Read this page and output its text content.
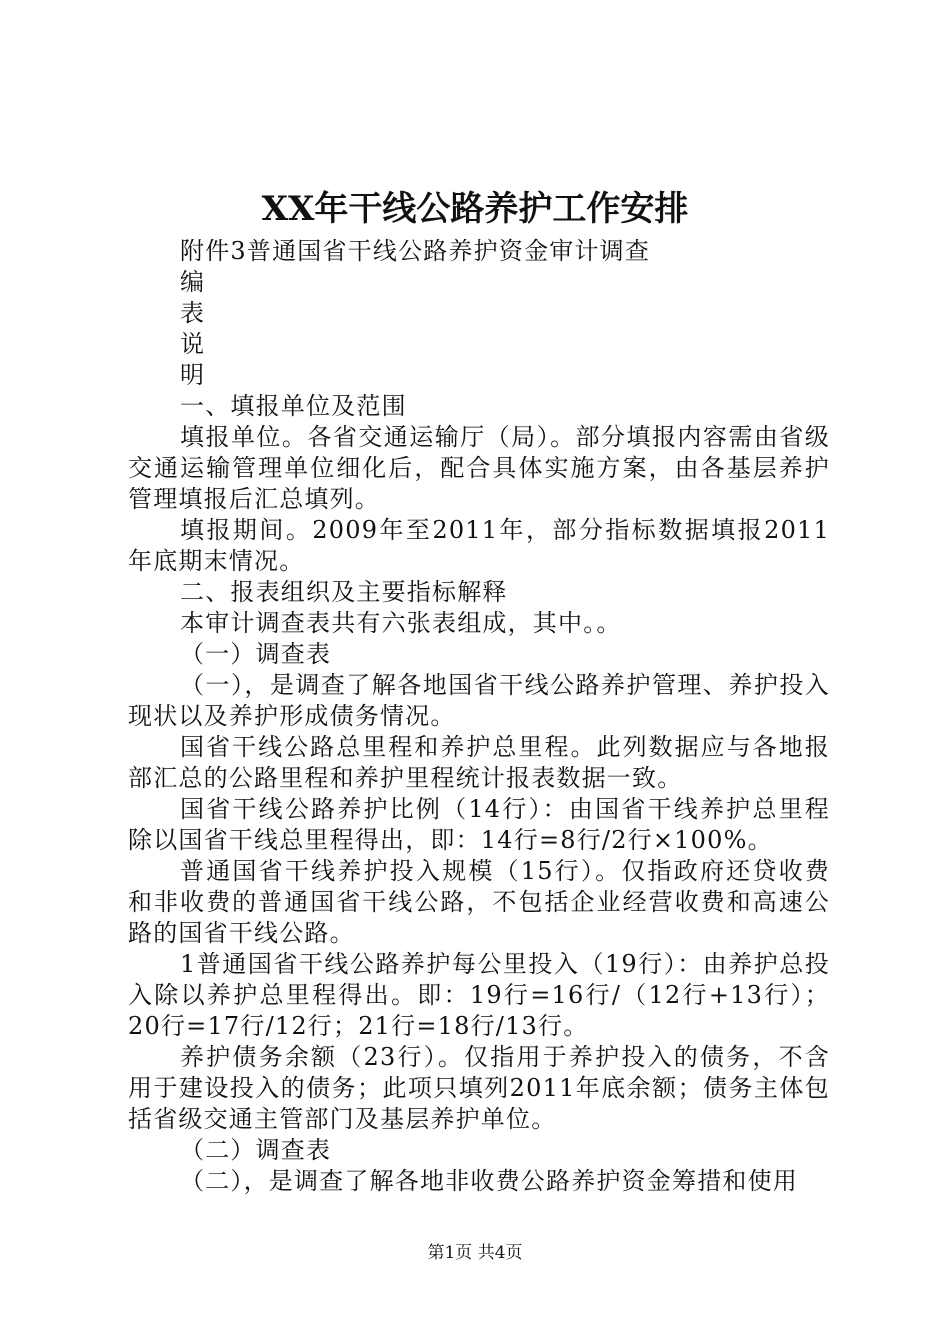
XX年干线公路养护工作安排

附件3普通国省干线公路养护资金审计调查

编

表

说

明

一、填报单位及范围

填报单位。各省交通运输厅（局）。部分填报内容需由省级交通运输管理单位细化后，配合具体实施方案，由各基层养护管理填报后汇总填列。

填报期间。2009年至2011年，部分指标数据填报2011年底期末情况。

二、报表组织及主要指标解释

本审计调查表共有六张表组成，其中。。

（一）调查表

（一），是调查了解各地国省干线公路养护管理、养护投入现状以及养护形成债务情况。

国省干线公路总里程和养护总里程。此列数据应与各地报部汇总的公路里程和养护里程统计报表数据一致。

国省干线公路养护比例（14行）：由国省干线养护总里程除以国省干线总里程得出，即：14行=8行/2行×100%。

普通国省干线养护投入规模（15行）。仅指政府还贷收费和非收费的普通国省干线公路，不包括企业经营收费和高速公路的国省干线公路。

1普通国省干线公路养护每公里投入（19行）：由养护总投入除以养护总里程得出。即：19行=16行/（12行+13行）；20行=17行/12行；21行=18行/13行。

养护债务余额（23行）。仅指用于养护投入的债务，不含用于建设投入的债务；此项只填列2011年底余额；债务主体包括省级交通主管部门及基层养护单位。

（二）调查表

（二），是调查了解各地非收费公路养护资金筹措和使用

第1页 共4页
